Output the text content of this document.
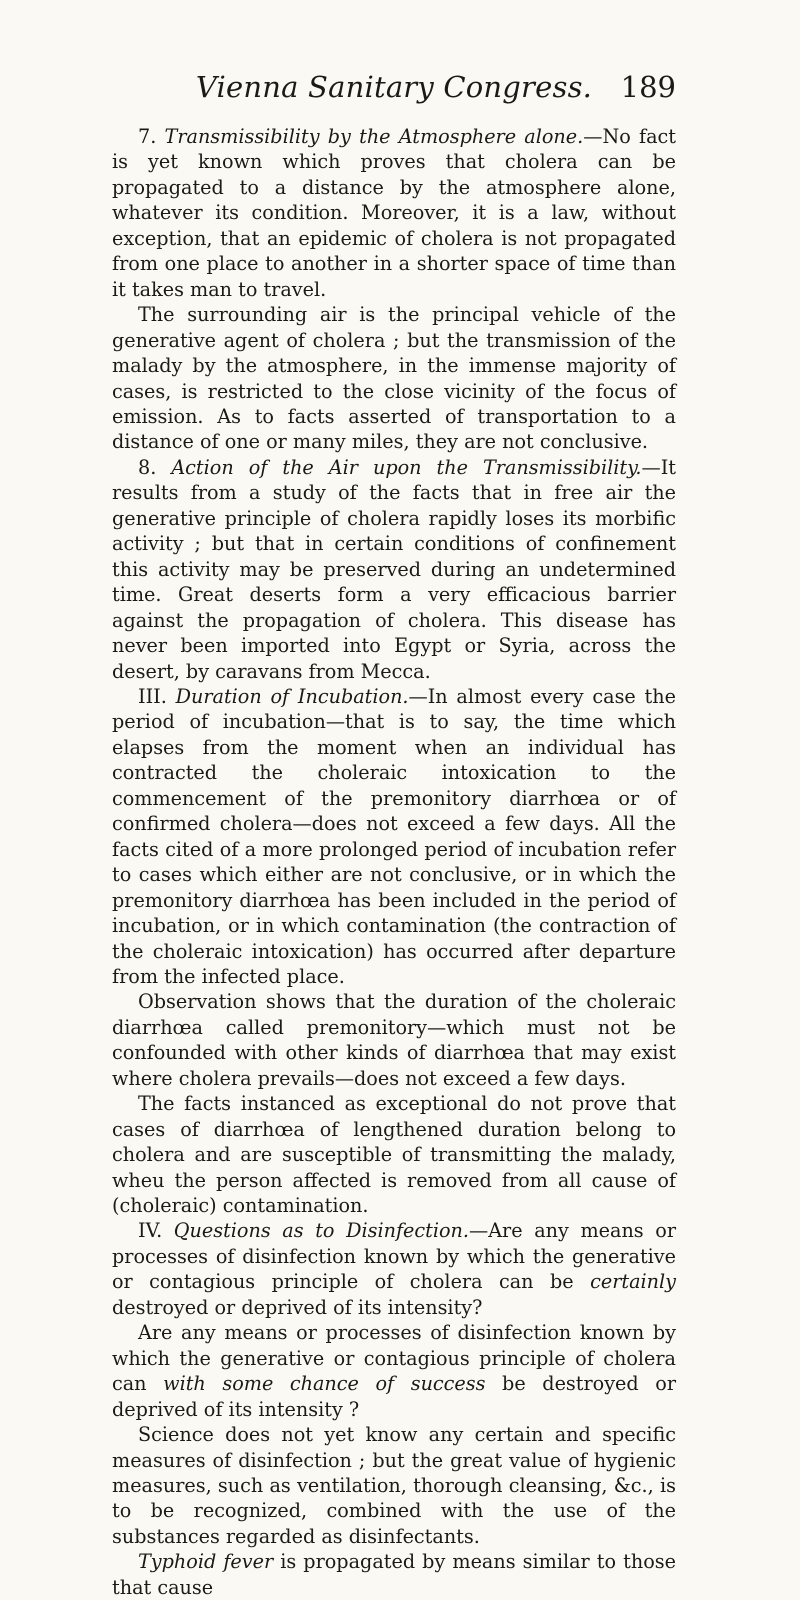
Vienna Sanitary Congress. 189

7. Transmissibility by the Atmosphere alone.—No fact is yet known which proves that cholera can be propagated to a distance by the atmosphere alone, whatever its condition. Moreover, it is a law, without exception, that an epidemic of cholera is not propagated from one place to another in a shorter space of time than it takes man to travel.

The surrounding air is the principal vehicle of the generative agent of cholera ; but the transmission of the malady by the atmosphere, in the immense majority of cases, is restricted to the close vicinity of the focus of emission. As to facts asserted of transportation to a distance of one or many miles, they are not conclusive.

8. Action of the Air upon the Transmissibility.—It results from a study of the facts that in free air the generative principle of cholera rapidly loses its morbific activity ; but that in certain conditions of confinement this activity may be preserved during an undetermined time. Great deserts form a very efficacious barrier against the propagation of cholera. This disease has never been imported into Egypt or Syria, across the desert, by caravans from Mecca.

III. Duration of Incubation.—In almost every case the period of incubation—that is to say, the time which elapses from the moment when an individual has contracted the choleraic intoxication to the commencement of the premonitory diarrhœa or of confirmed cholera—does not exceed a few days. All the facts cited of a more prolonged period of incubation refer to cases which either are not conclusive, or in which the premonitory diarrhœa has been included in the period of incubation, or in which contamination (the contraction of the choleraic intoxication) has occurred after departure from the infected place.

Observation shows that the duration of the choleraic diarrhœa called premonitory—which must not be confounded with other kinds of diarrhœa that may exist where cholera prevails—does not exceed a few days.

The facts instanced as exceptional do not prove that cases of diarrhœa of lengthened duration belong to cholera and are susceptible of transmitting the malady, wheu the person affected is removed from all cause of (choleraic) contamination.

IV. Questions as to Disinfection.—Are any means or processes of disinfection known by which the generative or contagious principle of cholera can be certainly destroyed or deprived of its intensity?

Are any means or processes of disinfection known by which the generative or contagious principle of cholera can with some chance of success be destroyed or deprived of its intensity ?

Science does not yet know any certain and specific measures of disinfection ; but the great value of hygienic measures, such as ventilation, thorough cleansing, &c., is to be recognized, combined with the use of the substances regarded as disinfectants.

Typhoid fever is propagated by means similar to those that cause
